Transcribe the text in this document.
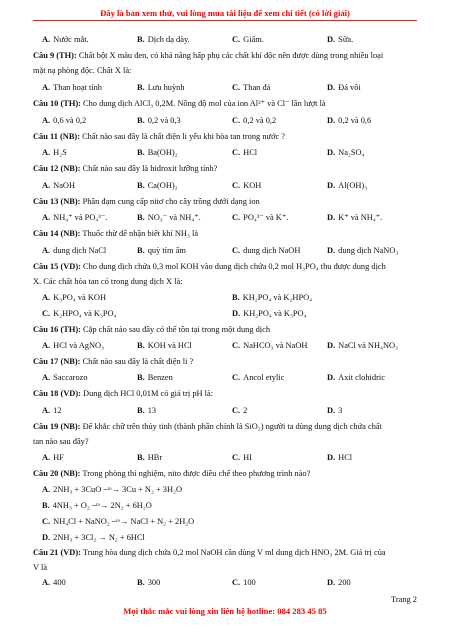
Đây là bản xem thử, vui lòng mua tài liệu để xem chi tiết (có lời giải)
A. Nước mắt.	B. Dịch dạ dày.	C. Giấm.	D. Sữa.
Câu 9 (TH): Chất bột X màu đen, có khả năng hấp phụ các chất khí độc nên được dùng trong nhiều loại
mặt nạ phòng độc. Chất X là:
A. Than hoạt tính	B. Lưu huỳnh	C. Than đá	D. Đá vôi
Câu 10 (TH): Cho dung dịch AlCl₃ 0,2M. Nồng độ mol của ion Al³⁺ và Cl⁻ lần lượt là
A. 0,6 và 0,2	B. 0,2 và 0,3	C. 0,2 và 0,2	D. 0,2 và 0,6
Câu 11 (NB): Chất nào sau đây là chất điện li yếu khi hòa tan trong nước ?
A. H₂S	B. Ba(OH)₂	C. HCl	D. Na₂SO₄
Câu 12 (NB): Chất nào sau đây là hidroxit lưỡng tính?
A. NaOH	B. Ca(OH)₂	C. KOH	D. Al(OH)₃
Câu 13 (NB): Phân đạm cung cấp nitơ cho cây trồng dưới dạng ion
A. NH₄⁺ và PO₄³⁻.	B. NO₃⁻ và NH₄⁺.	C. PO₄³⁻ và K⁺.	D. K⁺ và NH₄⁺.
Câu 14 (NB): Thuốc thử để nhận biết khí NH₃ là
A. dung dịch NaCl	B. quỳ tím ẩm	C. dung dịch NaOH	D. dung dịch NaNO₃
Câu 15 (VD): Cho dung dịch chứa 0,3 mol KOH vào dung dịch chứa 0,2 mol H₃PO₄ thu được dung dịch
X. Các chất hòa tan có trong dung dịch X là:
A. K₃PO₄ và KOH	B. KH₂PO₄ và K₂HPO₄
C. K₂HPO₄ và K₃PO₄	D. KH₂PO₄ và K₃PO₄
Câu 16 (TH): Cặp chất nào sau đây có thể tồn tại trong một dung dịch
A. HCl và AgNO₃	B. KOH và HCl	C. NaHCO₃ và NaOH D. NaCl và NH₄NO₃
Câu 17 (NB): Chất nào sau đây là chất điện li ?
A. Saccarozo	B. Benzen	C. Ancol etylic	D. Axit clohidric
Câu 18 (VD): Dung dịch HCl 0,01M có giá trị pH là:
A. 12	B. 13	C. 2	D. 3
Câu 19 (NB): Để khắc chữ trên thủy tinh (thành phần chính là SiO₂) người ta dùng dung dịch chứa chất
tan nào sau đây?
A. HF	B. HBr	C. HI	D. HCl
Câu 20 (NB): Trong phòng thí nghiệm, nito được điều chế theo phương trình nào?
A. 2NH₃ + 3CuO ⎯ᵗᵒ→ 3Cu + N₂ + 3H₂O
B. 4NH₃ + O₂ ⎯ᵗᵒ→ 2N₂ + 6H₂O
C. NH₄Cl + NaNO₂ ⎯ᵗᵒ→ NaCl + N₂ + 2H₂O
D. 2NH₃ + 3Cl₂ → N₂ + 6HCl
Câu 21 (VD): Trung hòa dung dịch chứa 0,2 mol NaOH cần dùng V ml dung dịch HNO₃ 2M. Giá trị của
V là
A. 400	B. 300	C. 100	D. 200
Trang 2
Mọi thắc mắc vui lòng xin liên hệ hotline: 084 283 45 85
